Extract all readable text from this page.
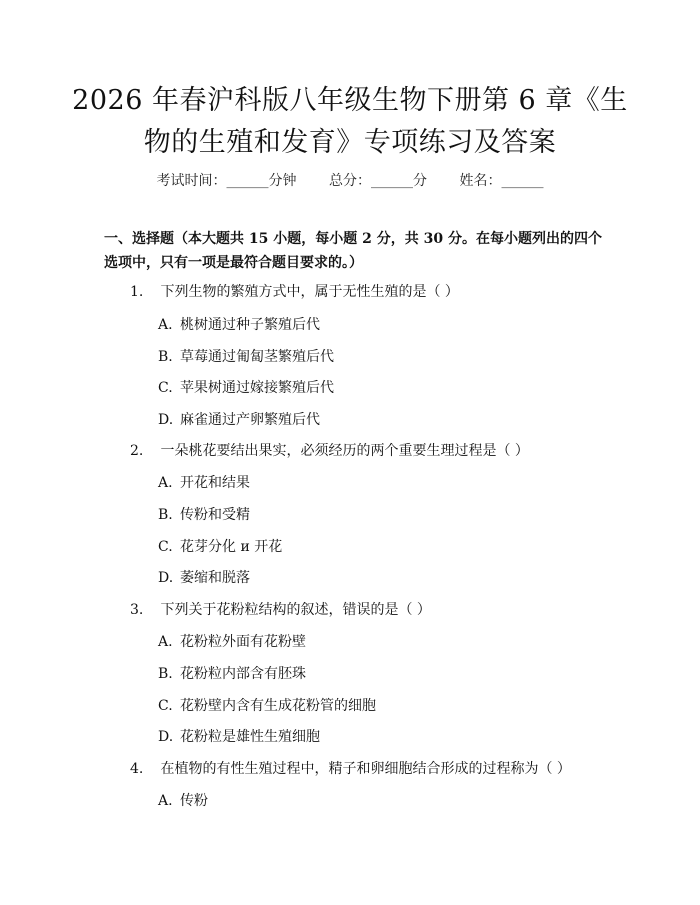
2026 年春沪科版八年级生物下册第 6 章《生
物的生殖和发育》专项练习及答案
考试时间：______分钟 总分：______分 姓名：______
一、选择题（本大题共 15 小题，每小题 2 分，共 30 分。在每小题列出的四个选项中，只有一项是最符合题目要求的。）
1. 下列生物的繁殖方式中，属于无性生殖的是（ ）
A. 桃树通过种子繁殖后代
B. 草莓通过匍匐茎繁殖后代
C. 苹果树通过嫁接繁殖后代
D. 麻雀通过产卵繁殖后代
2. 一朵桃花要结出果实，必须经历的两个重要生理过程是（ ）
A. 开花和结果
B. 传粉和受精
C. 花芽分化 и 开花
D. 萎缩和脱落
3. 下列关于花粉粒结构的叙述，错误的是（ ）
A. 花粉粒外面有花粉壁
B. 花粉粒内部含有胚珠
C. 花粉壁内含有生成花粉管的细胞
D. 花粉粒是雄性生殖细胞
4. 在植物的有性生殖过程中，精子和卵细胞结合形成的过程称为（ ）
A. 传粉
